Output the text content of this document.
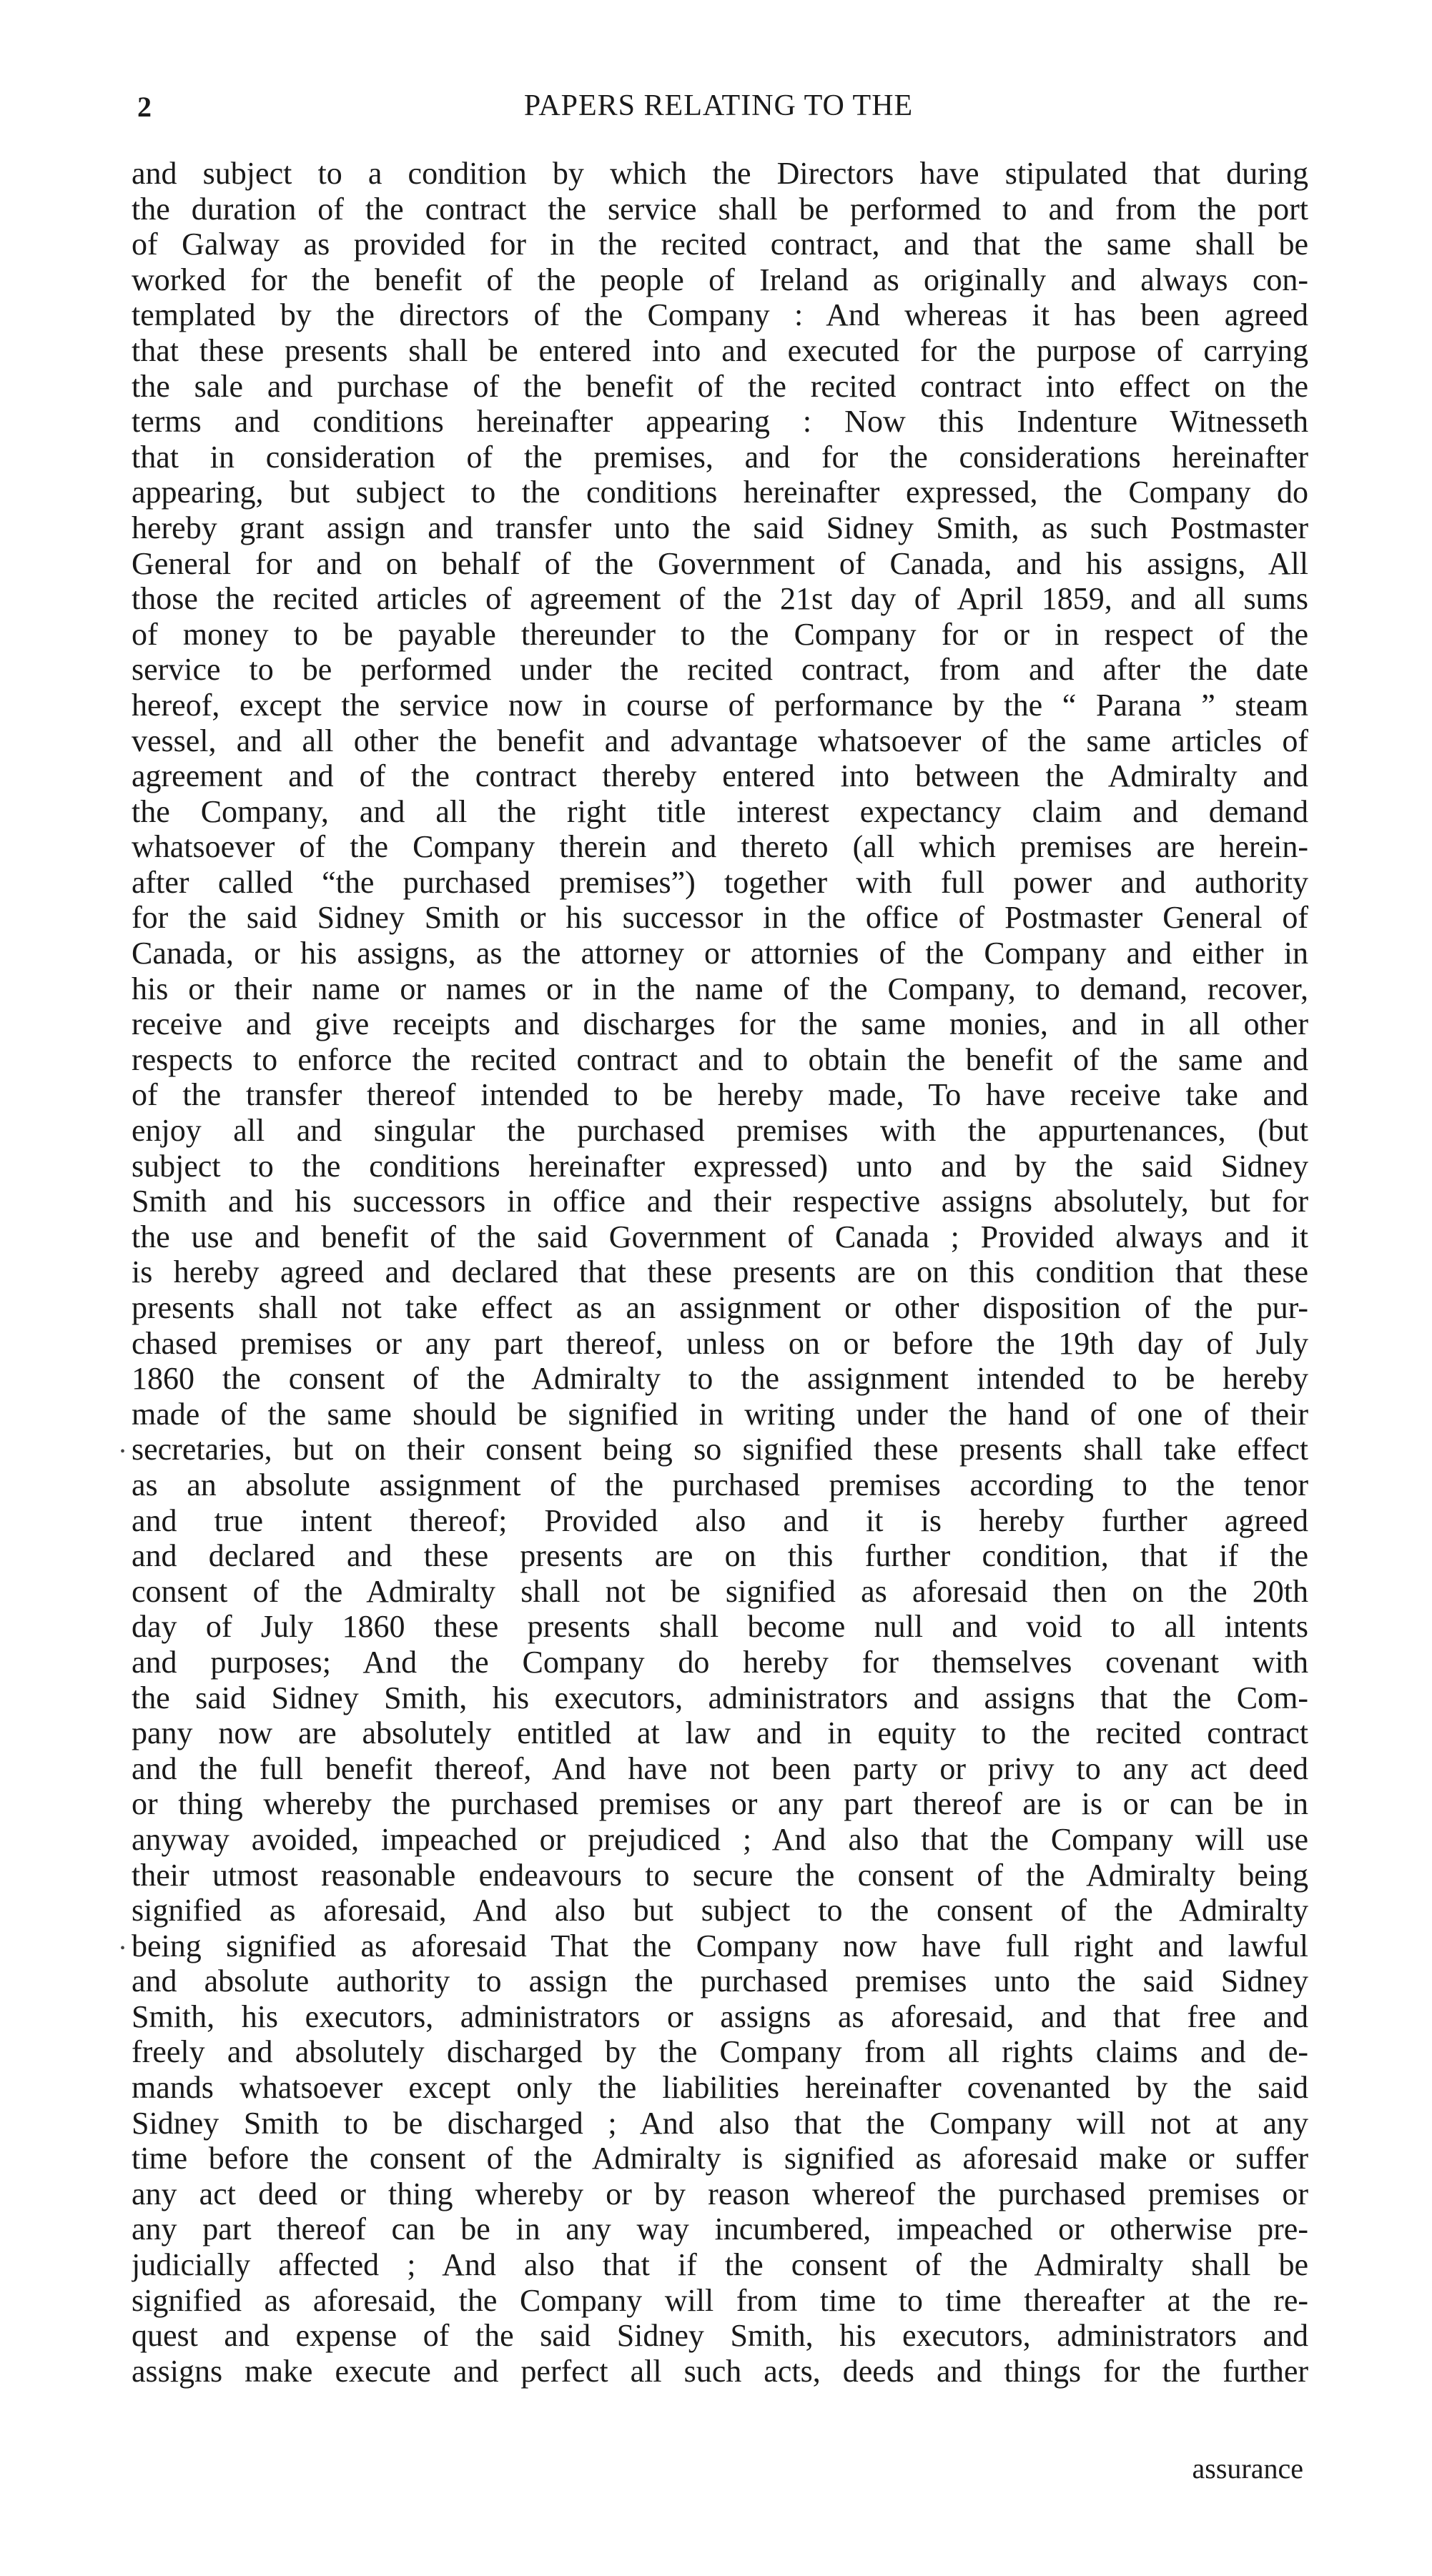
2	PAPERS RELATING TO THE
and subject to a condition by which the Directors have stipulated that during
the duration of the contract the service shall be performed to and from the port
of Galway as provided for in the recited contract, and that the same shall be
worked for the benefit of the people of Ireland as originally and always con-
templated by the directors of the Company : And whereas it has been agreed
that these presents shall be entered into and executed for the purpose of carrying
the sale and purchase of the benefit of the recited contract into effect on the
terms and conditions hereinafter appearing : Now this Indenture Witnesseth
that in consideration of the premises, and for the considerations hereinafter
appearing, but subject to the conditions hereinafter expressed, the Company do
hereby grant assign and transfer unto the said Sidney Smith, as such Postmaster
General for and on behalf of the Government of Canada, and his assigns, All
those the recited articles of agreement of the 21st day of April 1859, and all sums
of money to be payable thereunder to the Company for or in respect of the
service to be performed under the recited contract, from and after the date
hereof, except the service now in course of performance by the “ Parana ” steam
vessel, and all other the benefit and advantage whatsoever of the same articles of
agreement and of the contract thereby entered into between the Admiralty and
the Company, and all the right title interest expectancy claim and demand
whatsoever of the Company therein and thereto (all which premises are herein-
after called “the purchased premises”) together with full power and authority
for the said Sidney Smith or his successor in the office of Postmaster General of
Canada, or his assigns, as the attorney or attornies of the Company and either in
his or their name or names or in the name of the Company, to demand, recover,
receive and give receipts and discharges for the same monies, and in all other
respects to enforce the recited contract and to obtain the benefit of the same and
of the transfer thereof intended to be hereby made, To have receive take and
enjoy all and singular the purchased premises with the appurtenances, (but
subject to the conditions hereinafter expressed) unto and by the said Sidney
Smith and his successors in office and their respective assigns absolutely, but for
the use and benefit of the said Government of Canada ; Provided always and it
is hereby agreed and declared that these presents are on this condition that these
presents shall not take effect as an assignment or other disposition of the pur-
chased premises or any part thereof, unless on or before the 19th day of July
1860 the consent of the Admiralty to the assignment intended to be hereby
made of the same should be signified in writing under the hand of one of their
secretaries, but on their consent being so signified these presents shall take effect
as an absolute assignment of the purchased premises according to the tenor
and true intent thereof; Provided also and it is hereby further agreed
and declared and these presents are on this further condition, that if the
consent of the Admiralty shall not be signified as aforesaid then on the 20th
day of July 1860 these presents shall become null and void to all intents
and purposes; And the Company do hereby for themselves covenant with
the said Sidney Smith, his executors, administrators and assigns that the Com-
pany now are absolutely entitled at law and in equity to the recited contract
and the full benefit thereof, And have not been party or privy to any act deed
or thing whereby the purchased premises or any part thereof are is or can be in
anyway avoided, impeached or prejudiced ; And also that the Company will use
their utmost reasonable endeavours to secure the consent of the Admiralty being
signified as aforesaid, And also but subject to the consent of the Admiralty
being signified as aforesaid That the Company now have full right and lawful
and absolute authority to assign the purchased premises unto the said Sidney
Smith, his executors, administrators or assigns as aforesaid, and that free and
freely and absolutely discharged by the Company from all rights claims and de-
mands whatsoever except only the liabilities hereinafter covenanted by the said
Sidney Smith to be discharged ; And also that the Company will not at any
time before the consent of the Admiralty is signified as aforesaid make or suffer
any act deed or thing whereby or by reason whereof the purchased premises or
any part thereof can be in any way incumbered, impeached or otherwise pre-
judicially affected ; And also that if the consent of the Admiralty shall be
signified as aforesaid, the Company will from time to time thereafter at the re-
quest and expense of the said Sidney Smith, his executors, administrators and
assigns make execute and perfect all such acts, deeds and things for the further
•
•
assurance
